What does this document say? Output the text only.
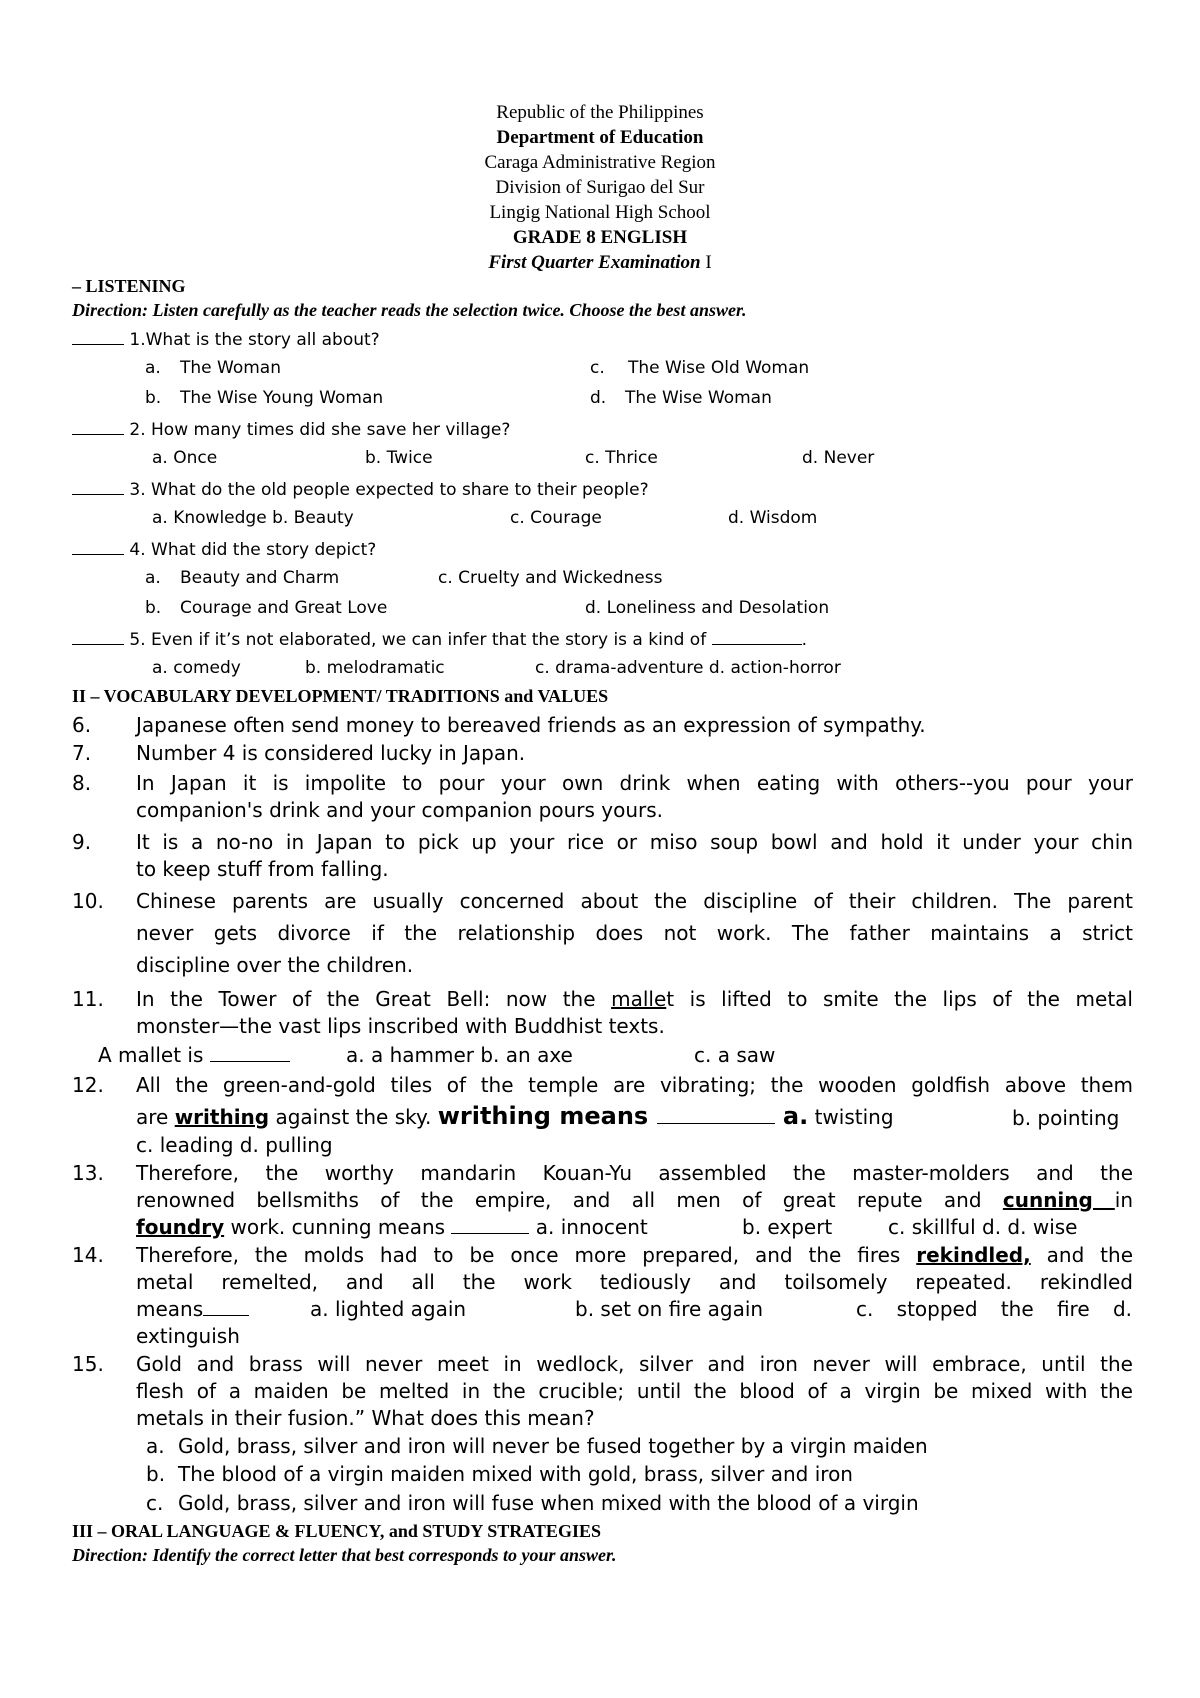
Republic of the Philippines
Department of Education
Caraga Administrative Region
Division of Surigao del Sur
Lingig National High School
GRADE 8 ENGLISH
First Quarter Examination I
– LISTENING
Direction: Listen carefully as the teacher reads the selection twice. Choose the best answer.
1.What is the story all about?
a. The Woman	c. The Wise Old Woman
b. The Wise Young Woman	d. The Wise Woman
2. How many times did she save her village?
a. Once	b. Twice	c. Thrice	d. Never
3. What do the old people expected to share to their people?
a. Knowledge b. Beauty	c. Courage	d. Wisdom
4. What did the story depict?
a. Beauty and Charm	c. Cruelty and Wickedness
b. Courage and Great Love	d. Loneliness and Desolation
5. Even if it’s not elaborated, we can infer that the story is a kind of	.
a. comedy	b. melodramatic	c. drama-adventure d. action-horror
II – VOCABULARY DEVELOPMENT/ TRADITIONS and VALUES
6.	Japanese often send money to bereaved friends as an expression of sympathy.
7.	Number 4 is considered lucky in Japan.
8.	In Japan it is impolite to pour your own drink when eating with others--you pour your
companion's drink and your companion pours yours.
9.	It is a no-no in Japan to pick up your rice or miso soup bowl and hold it under your chin
to keep stuff from falling.
10.	Chinese parents are usually concerned about the discipline of their children. The parent
never gets divorce if the relationship does not work. The father maintains a strict
discipline over the children.
11.	In the Tower of the Great Bell: now the mallet is lifted to smite the lips of the metal
monster—the vast lips inscribed with Buddhist texts.
A mallet is	a. a hammer b. an axe	c. a saw
12.	All the green-and-gold tiles of the temple are vibrating; the wooden goldfish above them
are writhing against the sky. writhing means	a. twisting	b. pointing
c. leading d. pulling
13.	Therefore, the worthy mandarin Kouan-Yu assembled the master-molders and the
renowned bellsmiths of the empire, and all men of great repute and cunning in
foundry work. cunning means	a. innocent	b. expert	c. skillful d. d. wise
14.	Therefore, the molds had to be once more prepared, and the fires rekindled, and the
metal remelted, and all the work tediously and toilsomely repeated. rekindled
means	a. lighted again	b. set on fire again	c. stopped the fire d.
extinguish
15.	Gold and brass will never meet in wedlock, silver and iron never will embrace, until the
flesh of a maiden be melted in the crucible; until the blood of a virgin be mixed with the
metals in their fusion.” What does this mean?
a. Gold, brass, silver and iron will never be fused together by a virgin maiden
b. The blood of a virgin maiden mixed with gold, brass, silver and iron
c. Gold, brass, silver and iron will fuse when mixed with the blood of a virgin
III – ORAL LANGUAGE & FLUENCY, and STUDY STRATEGIES
Direction: Identify the correct letter that best corresponds to your answer.
